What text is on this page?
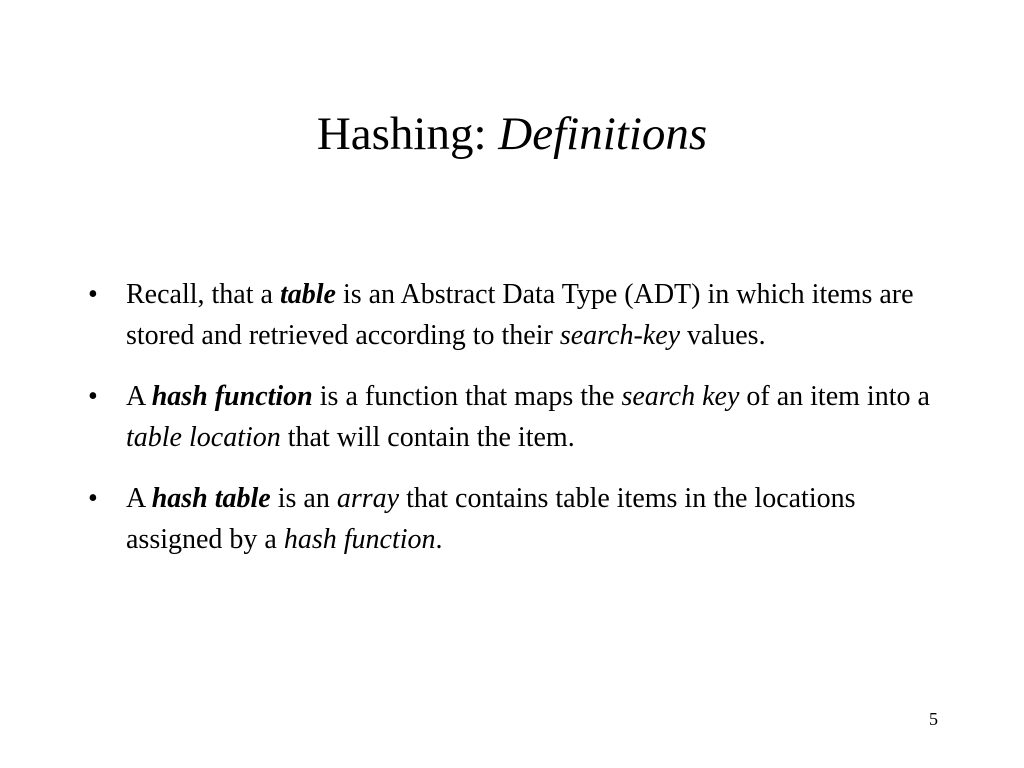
Hashing: Definitions
• Recall, that a table is an Abstract Data Type (ADT) in which items are stored and retrieved according to their search-key values.
• A hash function is a function that maps the search key of an item into a table location that will contain the item.
• A hash table is an array that contains table items in the locations assigned by a hash function.
5
